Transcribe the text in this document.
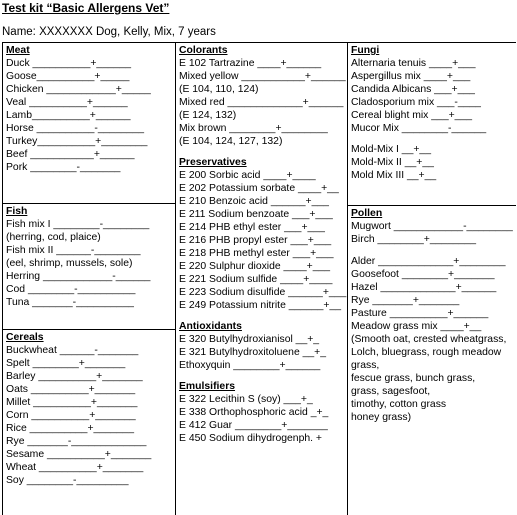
Test kit “Basic Allergens Vet”
Name: XXXXXXX Dog, Kelly, Mix, 7 years
Meat
Duck __________+______
Goose__________+_____
Chicken ____________+_____
Veal __________+______
Lamb__________+______
Horse __________-________
Turkey__________+________
Beef ___________+______
Pork ________-_______
Fish
Fish mix I ________-________
(herring, cod, plaice)
Fish mix II ______-________
(eel, shrimp, mussels, sole)
Herring ____________-______
Cod ________-__________
Tuna _______-__________
Cereals
Buckwheat ______-_______
Spelt ________+_______
Barley __________+_______
Oats __________+_______
Millet __________+_______
Corn __________+_______
Rice __________+_______
Rye _______-_____________
Sesame __________+_______
Wheat __________+_______
Soy ________-_________
Colorants
E 102 Tartrazine ____+______
Mixed yellow ___________+______
(E 104, 110, 124)
Mixed red _____________+______
(E 124, 132)
Mix brown ________+________
(E 104, 124, 127, 132)
Preservatives
E 200 Sorbic acid ____+____
E 202 Potassium sorbate ____+__
E 210 Benzoic acid ______+___
E 211 Sodium benzoate ___+___
E 214 PHB ethyl ester ___+___
E 216 PHB propyl ester ___+___
E 218 PHB methyl ester ___+___
E 220 Sulphur dioxide ____+___
E 221 Sodium sulfide ____+____
E 223 Sodium disulfide ______+___
E 249 Potassium nitrite ______+__
Antioxidants
E 320 Butylhydroxianisol __+_
E 321 Butylhydroxitoluene __+_
Ethoxyquin ________+______
Emulsifiers
E 322 Lecithin S (soy) ___+_
E 338 Orthophosphoric acid _+_
E 412 Guar ________+_______
E 450 Sodium dihydrogenph. +
Fungi
Alternaria tenuis ____+___
Aspergillus mix ____+___
Candida Albicans ___+___
Cladosporium mix ___-____
Cereal blight mix ___+___
Mucor Mix ________-______
Mold-Mix I __+__
Mold-Mix II __+__
Mold Mix III __+__
Pollen
Mugwort ____________-________
Birch ________+________
Alder _____________+________
Goosefoot ________+_______
Hazel _____________+______
Rye _______+_______
Pasture __________+______
Meadow grass mix ____+__
(Smooth oat, crested wheatgrass,
Lolch, bluegrass, rough meadow
grass,
fescue grass, bunch grass,
grass, sagesfoot,
timothy, cotton grass
honey grass)
